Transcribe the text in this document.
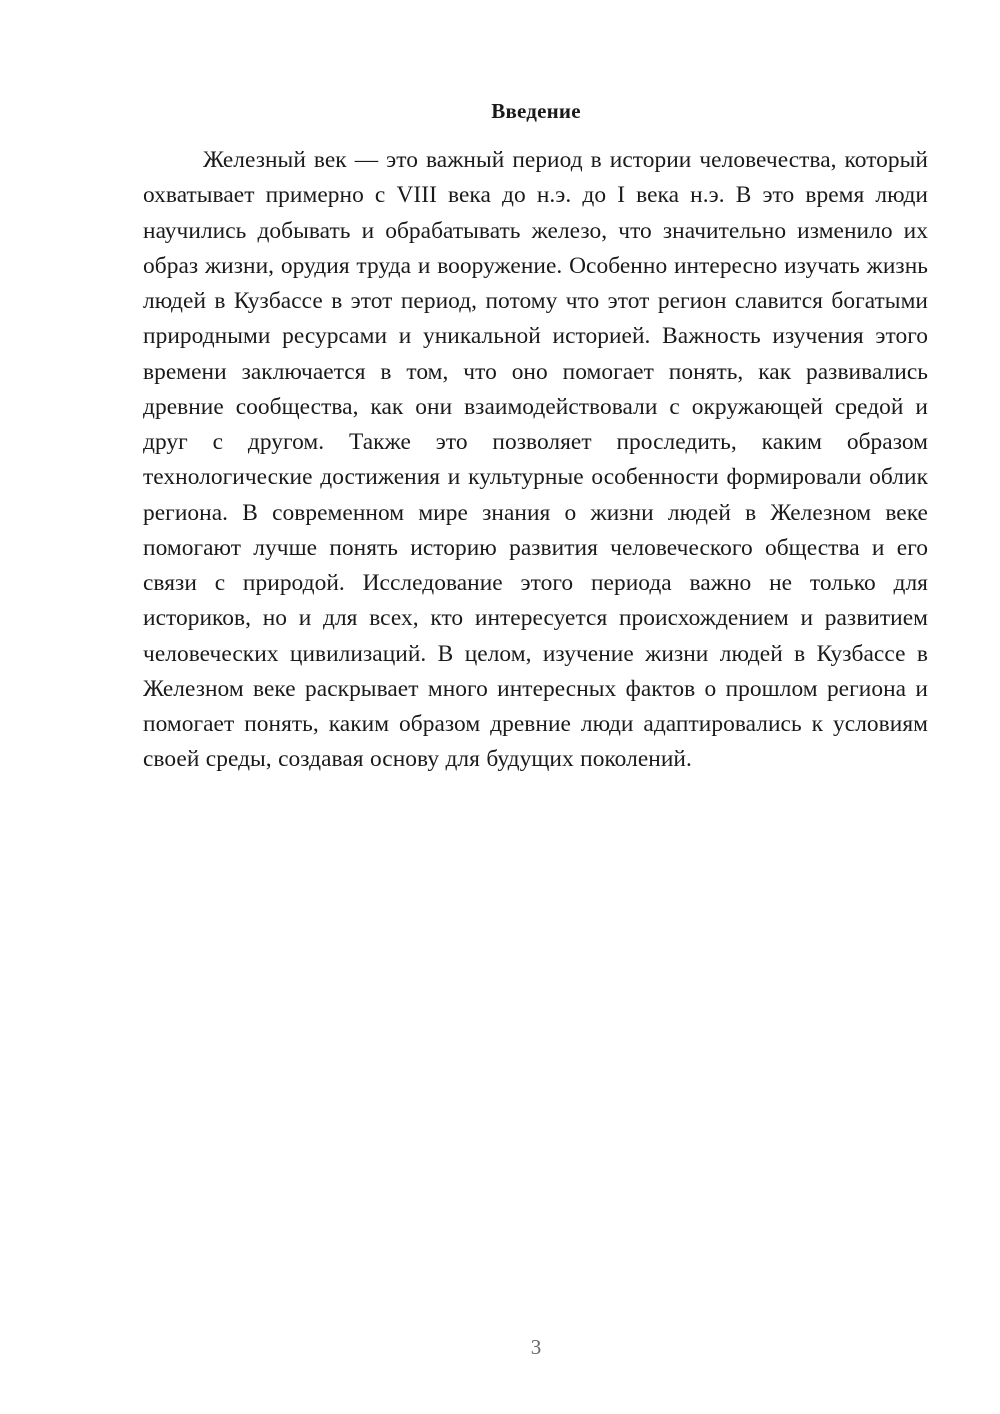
Введение

Железный век — это важный период в истории человечества, который охватывает примерно с VIII века до н.э. до I века н.э. В это время люди научились добывать и обрабатывать железо, что значительно изменило их образ жизни, орудия труда и вооружение. Особенно интересно изучать жизнь людей в Кузбассе в этот период, потому что этот регион славится богатыми природными ресурсами и уникальной историей. Важность изучения этого времени заключается в том, что оно помогает понять, как развивались древние сообщества, как они взаимодействовали с окружающей средой и друг с другом. Также это позволяет проследить, каким образом технологические достижения и культурные особенности формировали облик региона. В современном мире знания о жизни людей в Железном веке помогают лучше понять историю развития человеческого общества и его связи с природой. Исследование этого периода важно не только для историков, но и для всех, кто интересуется происхождением и развитием человеческих цивилизаций. В целом, изучение жизни людей в Кузбассе в Железном веке раскрывает много интересных фактов о прошлом региона и помогает понять, каким образом древние люди адаптировались к условиям своей среды, создавая основу для будущих поколений.

3
